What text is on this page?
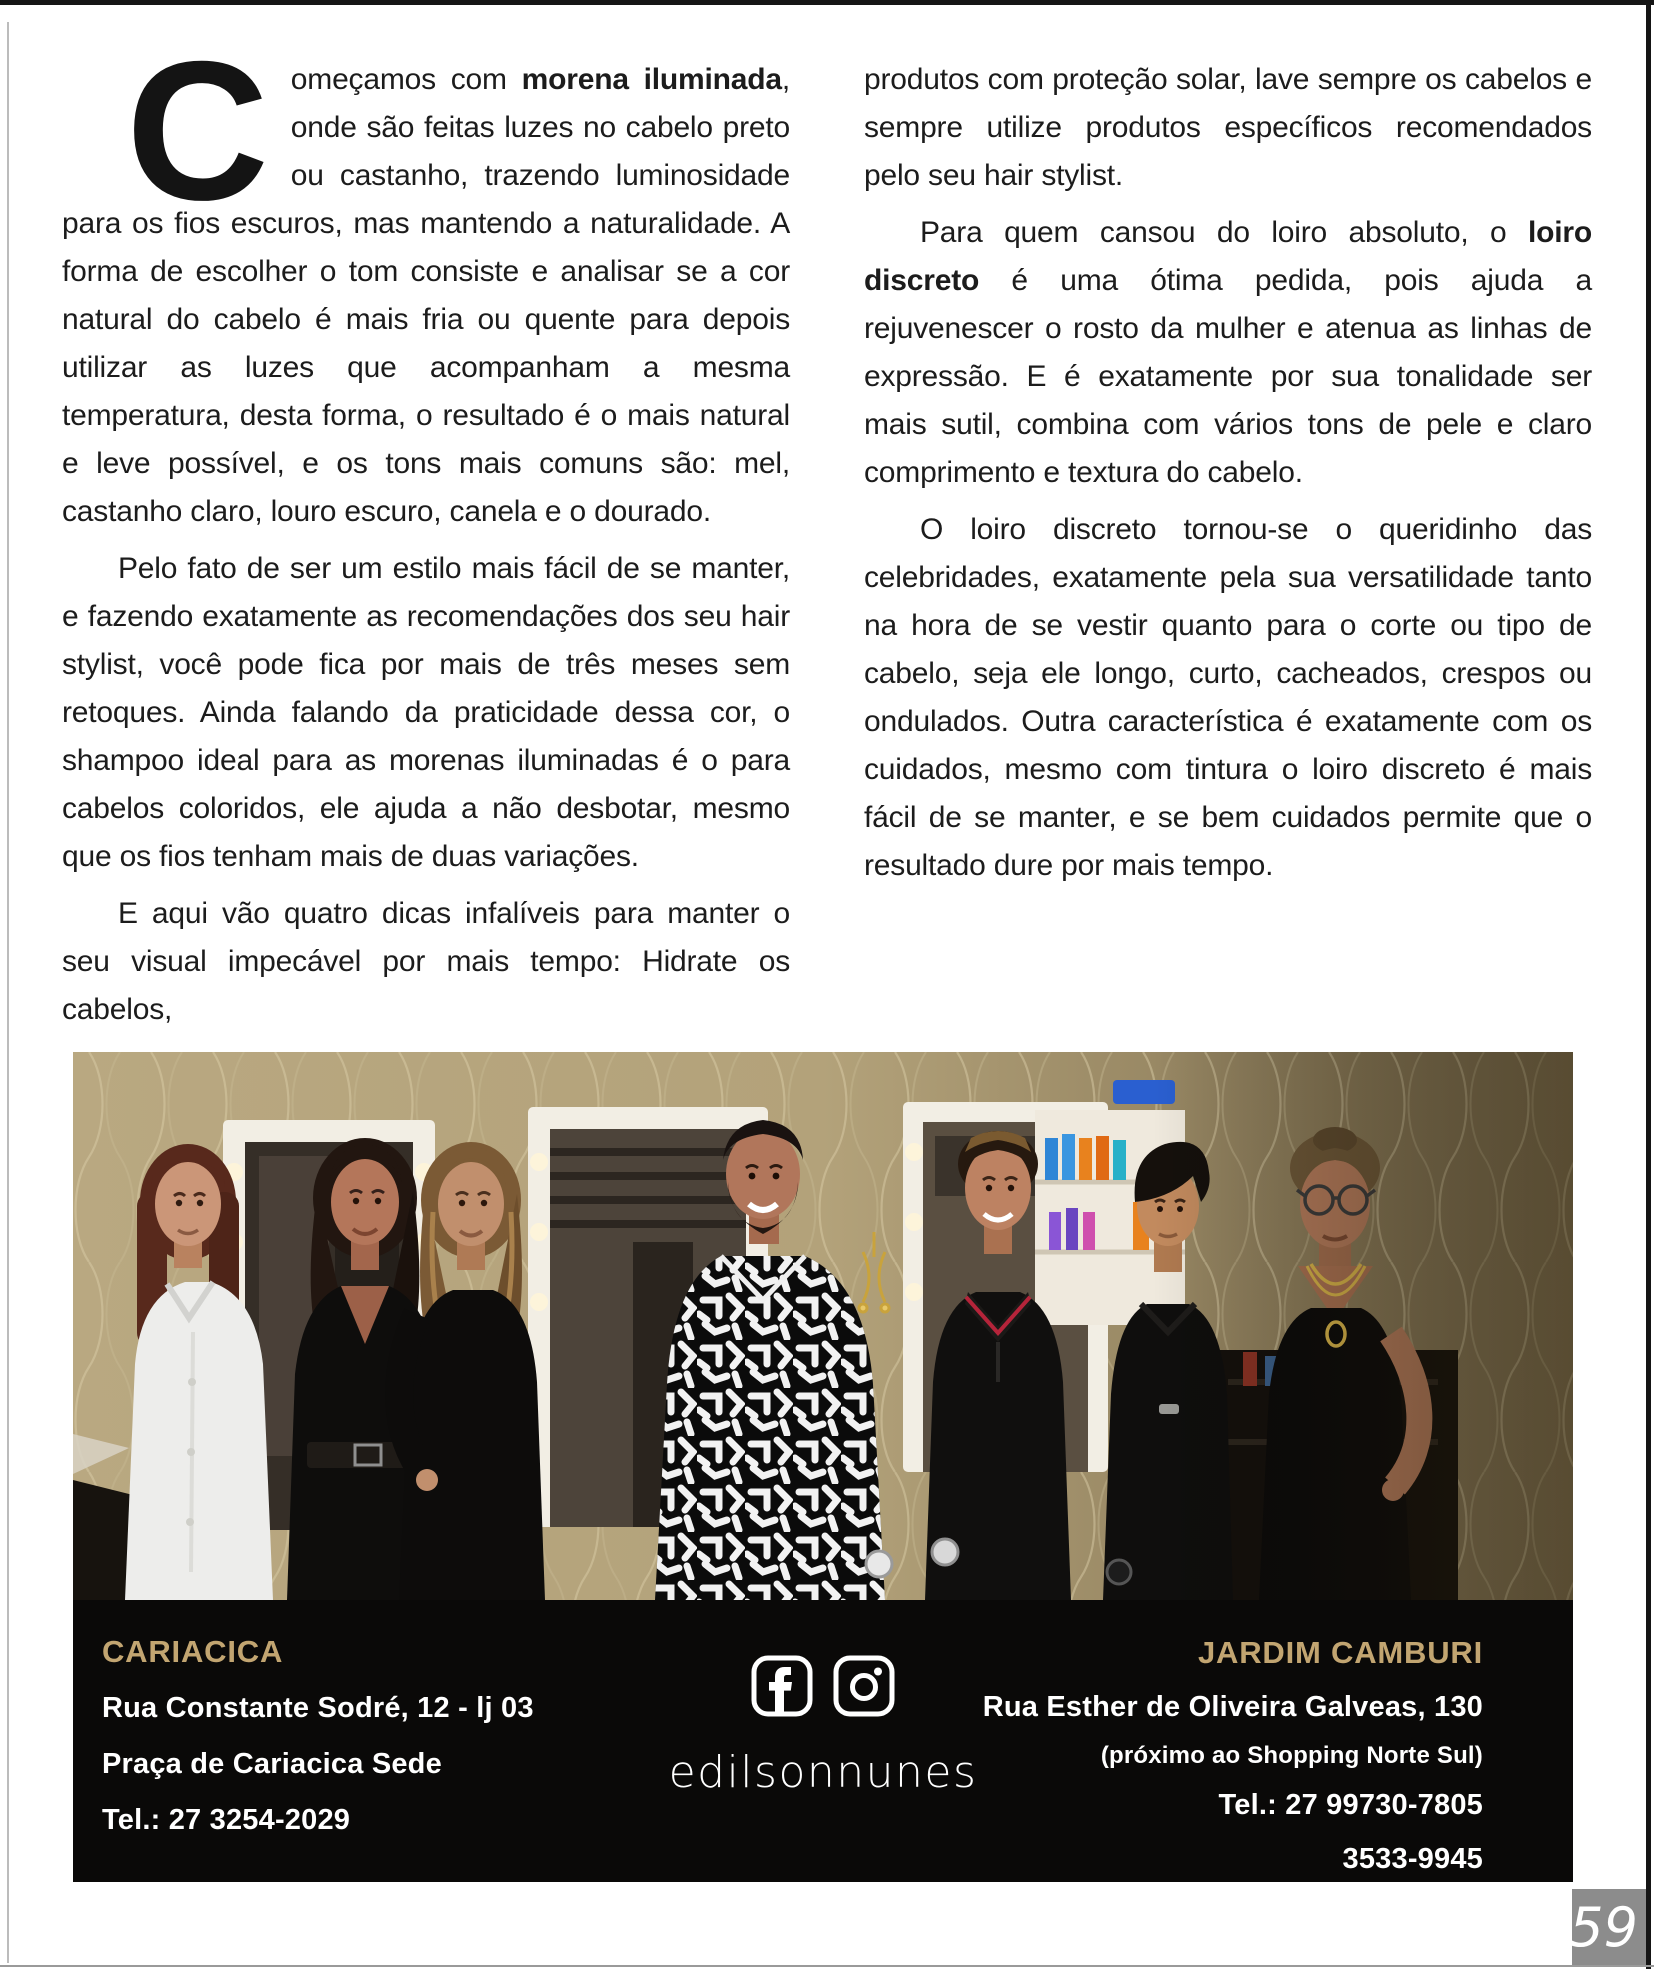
Começamos com morena iluminada, onde são feitas luzes no cabelo preto ou castanho, trazendo luminosidade para os fios escuros, mas mantendo a naturalidade. A forma de escolher o tom consiste e analisar se a cor natural do cabelo é mais fria ou quente para depois utilizar as luzes que acompanham a mesma temperatura, desta forma, o resultado é o mais natural e leve possível, e os tons mais comuns são: mel, castanho claro, louro escuro, canela e o dourado.

Pelo fato de ser um estilo mais fácil de se manter, e fazendo exatamente as recomendações dos seu hair stylist, você pode fica por mais de três meses sem retoques. Ainda falando da praticidade dessa cor, o shampoo ideal para as morenas iluminadas é o para cabelos coloridos, ele ajuda a não desbotar, mesmo que os fios tenham mais de duas variações.

E aqui vão quatro dicas infalíveis para manter o seu visual impecável por mais tempo: Hidrate os cabelos,

produtos com proteção solar, lave sempre os cabelos e sempre utilize produtos específicos recomendados pelo seu hair stylist.

Para quem cansou do loiro absoluto, o loiro discreto é uma ótima pedida, pois ajuda a rejuvenescer o rosto da mulher e atenua as linhas de expressão. E é exatamente por sua tonalidade ser mais sutil, combina com vários tons de pele e claro comprimento e textura do cabelo.

O loiro discreto tornou-se o queridinho das celebridades, exatamente pela sua versatilidade tanto na hora de se vestir quanto para o corte ou tipo de cabelo, seja ele longo, curto, cacheados, crespos ou ondulados. Outra característica é exatamente com os cuidados, mesmo com tintura o loiro discreto é mais fácil de se manter, e se bem cuidados permite que o resultado dure por mais tempo.

CARIACICA
Rua Constante Sodré, 12 - lj 03
Praça de Cariacica Sede
Tel.: 27 3254-2029
edilsonnunes
JARDIM CAMBURI
Rua Esther de Oliveira Galveas, 130
(próximo ao Shopping Norte Sul)
Tel.: 27 99730-7805
3533-9945
59
